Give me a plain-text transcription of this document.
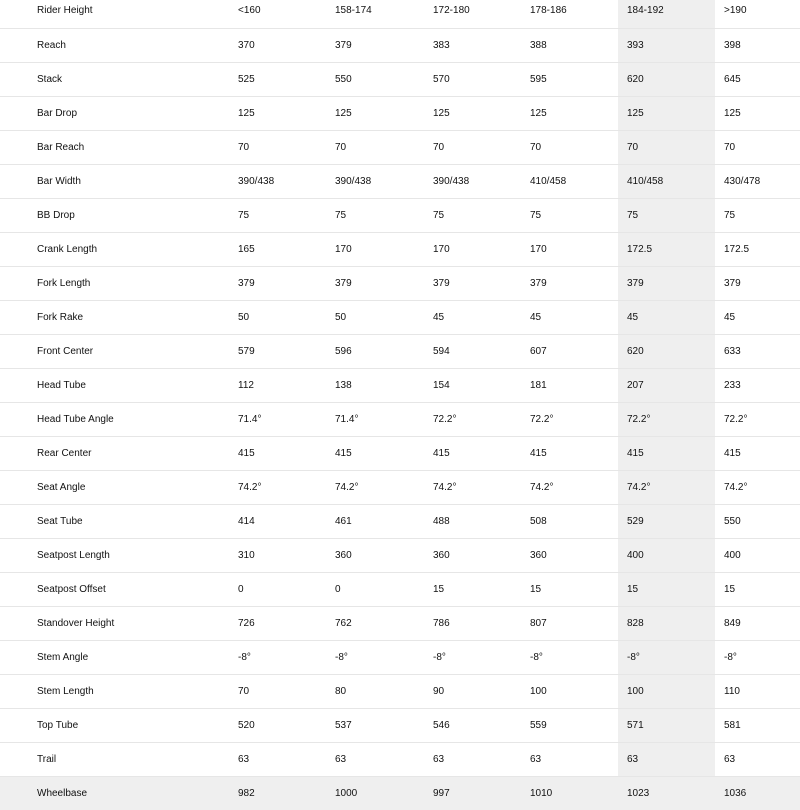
	Rider Height	<160	158-174	172-180	178-186	184-192	>190
	Reach	370	379	383	388	393	398
	Stack	525	550	570	595	620	645
	Bar Drop	125	125	125	125	125	125
	Bar Reach	70	70	70	70	70	70
	Bar Width	390/438	390/438	390/438	410/458	410/458	430/478
	BB Drop	75	75	75	75	75	75
	Crank Length	165	170	170	170	172.5	172.5
	Fork Length	379	379	379	379	379	379
	Fork Rake	50	50	45	45	45	45
	Front Center	579	596	594	607	620	633
	Head Tube	112	138	154	181	207	233
	Head Tube Angle	71.4°	71.4°	72.2°	72.2°	72.2°	72.2°
	Rear Center	415	415	415	415	415	415
	Seat Angle	74.2°	74.2°	74.2°	74.2°	74.2°	74.2°
	Seat Tube	414	461	488	508	529	550
	Seatpost Length	310	360	360	360	400	400
	Seatpost Offset	0	0	15	15	15	15
	Standover Height	726	762	786	807	828	849
	Stem Angle	-8°	-8°	-8°	-8°	-8°	-8°
	Stem Length	70	80	90	100	100	110
	Top Tube	520	537	546	559	571	581
	Trail	63	63	63	63	63	63
	Wheelbase	982	1000	997	1010	1023	1036
